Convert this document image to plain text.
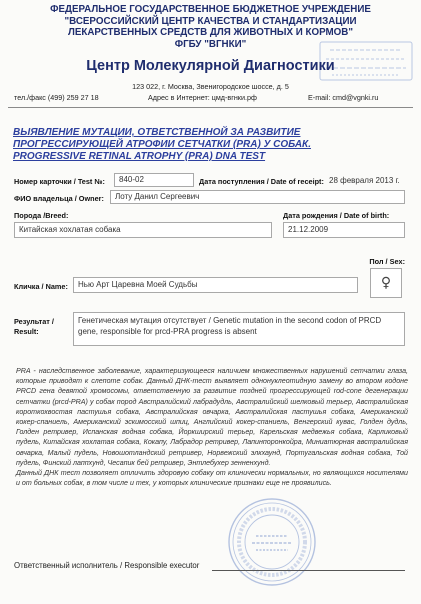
ФЕДЕРАЛЬНОЕ ГОСУДАРСТВЕННОЕ БЮДЖЕТНОЕ УЧРЕЖДЕНИЕ
"ВСЕРОССИЙСКИЙ ЦЕНТР КАЧЕСТВА И СТАНДАРТИЗАЦИИ
ЛЕКАРСТВЕННЫХ СРЕДСТВ ДЛЯ ЖИВОТНЫХ И КОРМОВ"
ФГБУ "ВГНКИ"
Центр Молекулярной Диагностики
123 022, г. Москва, Звенигородское шоссе, д. 5
тел./факс (499) 259 27 18	Адрес в Интернет: цмд-вгнки.рф	E-mail: cmd@vgnki.ru
ВЫЯВЛЕНИЕ МУТАЦИИ, ОТВЕТСТВЕННОЙ ЗА РАЗВИТИЕ
ПРОГРЕССИРУЮЩЕЙ АТРОФИИ СЕТЧАТКИ (PRA) У СОБАК.
PROGRESSIVE RETINAL ATROPHY (PRA) DNA TEST
Номер карточки / Test №:	840-02	Дата поступления / Date of receipt: 28 февраля 2013 г.
ФИО владельца / Owner:	Лоту Данил Сергеевич
Порода /Breed:	Дата рождения / Date of birth:
Китайская хохлатая собака	21.12.2009
Пол / Sex:
♀
Кличка / Name:	Нью Арт Царевна Моей Судьбы
Результат /
Result:
Генетическая мутация отсутствует / Genetic mutation in the second codon of PRCD gene, responsible for prcd-PRA progress is absent

PRA - наследственное заболевание, характеризующееся наличием множественных нарушений сетчатки глаза, которые приводят к слепоте собак. Данный ДНК-тест выявляет однонуклеотидную замену во втором кодоне PRCD гена девятой хромосомы, ответственную за развитие поздней прогрессирующей rod-cone дегенерации сетчатки (prcd-PRA) у собак пород Австралийский лабрадудль, Австралийский шелковый терьер, Австралийская короткохвостая пастушья собака, Австралийская овчарка, Австралийская пастушья собака, Американский кокер-спаниель, Американский эскимосский шпиц, Английский кокер-спаниель, Венгерский кувас, Голден дудль, Голден ретривер, Испанская водная собака, Йоркширский терьер, Карельская медвежья собака, Карликовый пудель, Китайская хохлатая собака, Кокапу, Лабрадор ретривер, Лапинпоронкойра, Миниатюрная австралийская овчарка, Малый пудель, Новошотландский ретривер, Норвежский элкхаунд, Португальская водная собака, Той пудель, Финский лаппхунд, Чесапик бей ретривер, Энтлебухер зенненхунд.

Данный ДНК тест позволяет отличить здоровую собаку от клинически нормальных, но являющихся носителями и от больных собак, в том числе и тех, у которых клинические признаки еще не проявились.

Ответственный исполнитель / Responsible executor
